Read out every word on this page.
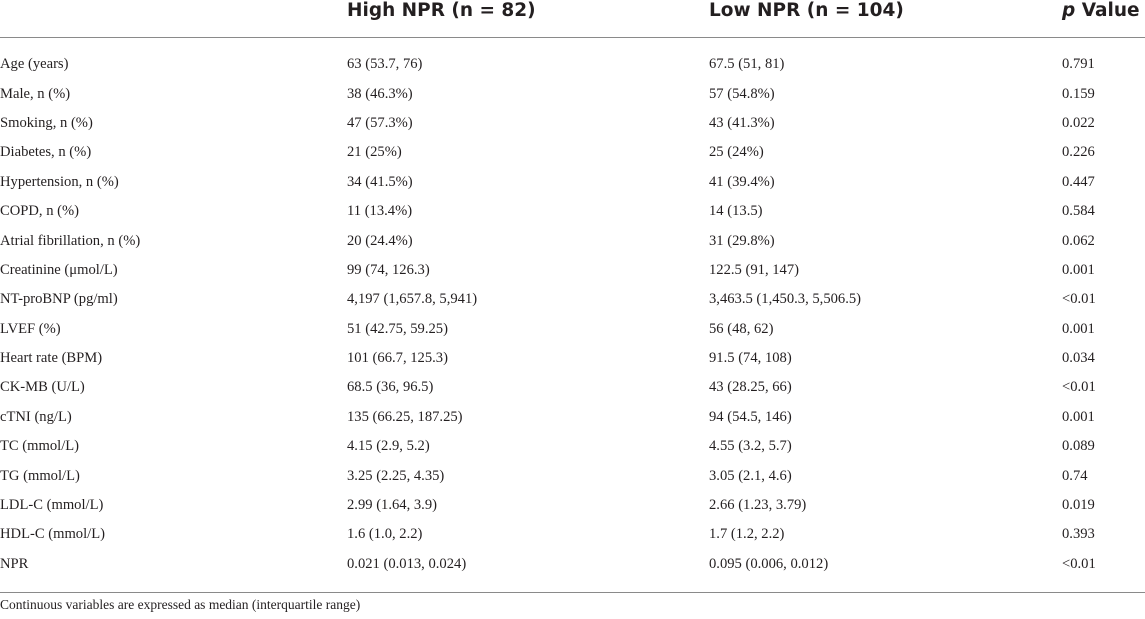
	High NPR (n = 82)	Low NPR (n = 104)	p Value

Age (years)	63 (53.7, 76)	67.5 (51, 81)	0.791
Male, n (%)	38 (46.3%)	57 (54.8%)	0.159
Smoking, n (%)	47 (57.3%)	43 (41.3%)	0.022
Diabetes, n (%)	21 (25%)	25 (24%)	0.226
Hypertension, n (%)	34 (41.5%)	41 (39.4%)	0.447
COPD, n (%)	11 (13.4%)	14 (13.5)	0.584
Atrial fibrillation, n (%)	20 (24.4%)	31 (29.8%)	0.062
Creatinine (μmol/L)	99 (74, 126.3)	122.5 (91, 147)	0.001
NT-proBNP (pg/ml)	4,197 (1,657.8, 5,941)	3,463.5 (1,450.3, 5,506.5)	<0.01
LVEF (%)	51 (42.75, 59.25)	56 (48, 62)	0.001
Heart rate (BPM)	101 (66.7, 125.3)	91.5 (74, 108)	0.034
CK-MB (U/L)	68.5 (36, 96.5)	43 (28.25, 66)	<0.01
cTNI (ng/L)	135 (66.25, 187.25)	94 (54.5, 146)	0.001
TC (mmol/L)	4.15 (2.9, 5.2)	4.55 (3.2, 5.7)	0.089
TG (mmol/L)	3.25 (2.25, 4.35)	3.05 (2.1, 4.6)	0.74
LDL-C (mmol/L)	2.99 (1.64, 3.9)	2.66 (1.23, 3.79)	0.019
HDL-C (mmol/L)	1.6 (1.0, 2.2)	1.7 (1.2, 2.2)	0.393
NPR	0.021 (0.013, 0.024)	0.095 (0.006, 0.012)	<0.01
Continuous variables are expressed as median (interquartile range)
